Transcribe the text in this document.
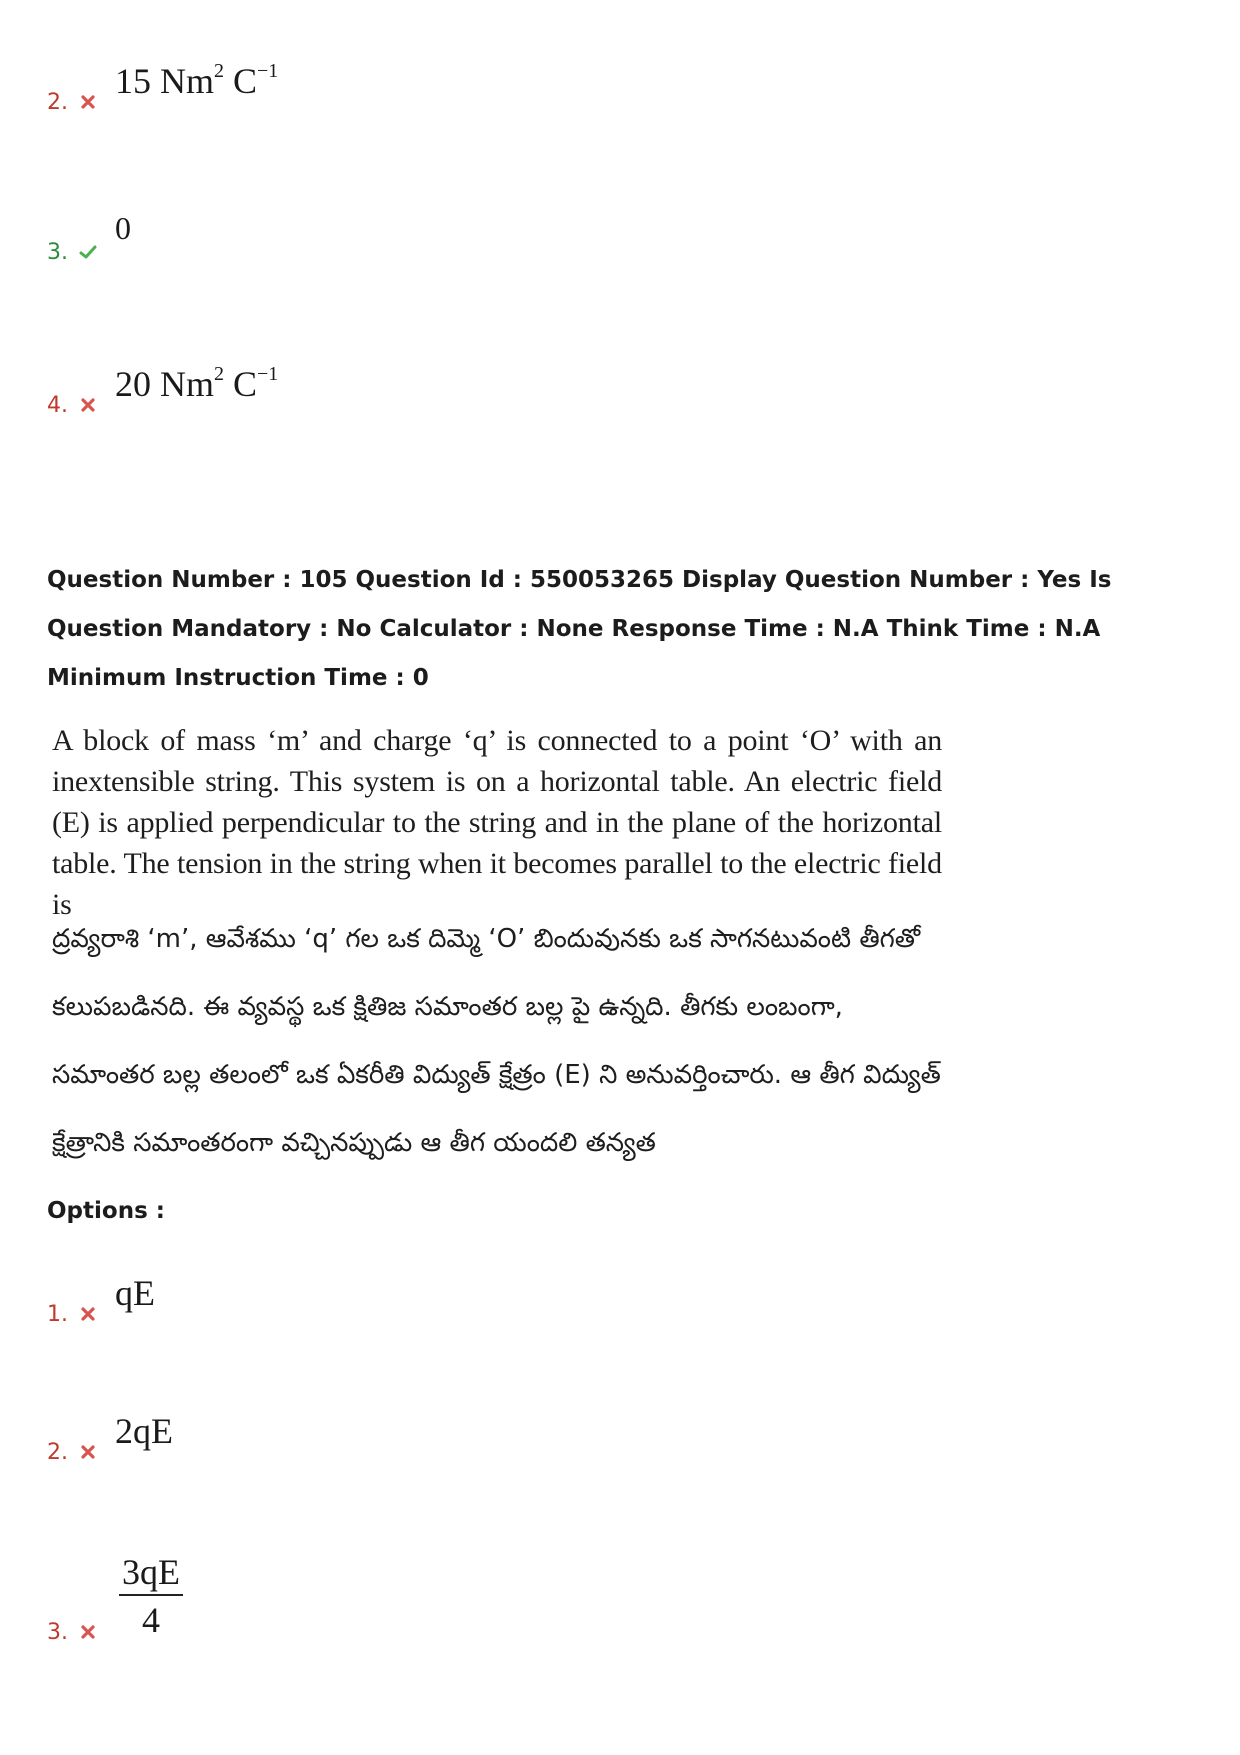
2.
15 Nm$^2$ $C^{-1}$
3.
0
4.
20 Nm$^2$ $C^{-1}$
Question Number : 105 Question Id : 550053265 Display Question Number : Yes Is Question Mandatory : No Calculator : None Response Time : N.A Think Time : N.A Minimum Instruction Time : 0
A block of mass ‘m’ and charge ‘q’ is connected to a point ‘O’ with an inextensible string. This system is on a horizontal table. An electric field (E) is applied perpendicular to the string and in the plane of the horizontal table. The tension in the string when it becomes parallel to the electric field is
ద్రవ్యరాశి ‘m’, ఆవేశము ‘q’ గల ఒక దిమ్మె ‘O’ బిందువునకు ఒక సాగనటువంటి తీగతో కలుపబడినది. ఈ వ్యవస్థ ఒక క్షితిజ సమాంతర బల్ల పై ఉన్నది. తీగకు లంబంగా, సమాంతర బల్ల తలంలో ఒక ఏకరీతి విద్యుత్ క్షేత్రం (E) ని అనువర్తించారు. ఆ తీగ విద్యుత్ క్షేత్రానికి సమాంతరంగా వచ్చినప్పుడు ఆ తీగ యందలి తన్యత
Options :
1.
qE
2.
2qE
3. $\frac{3qE}{4}$
